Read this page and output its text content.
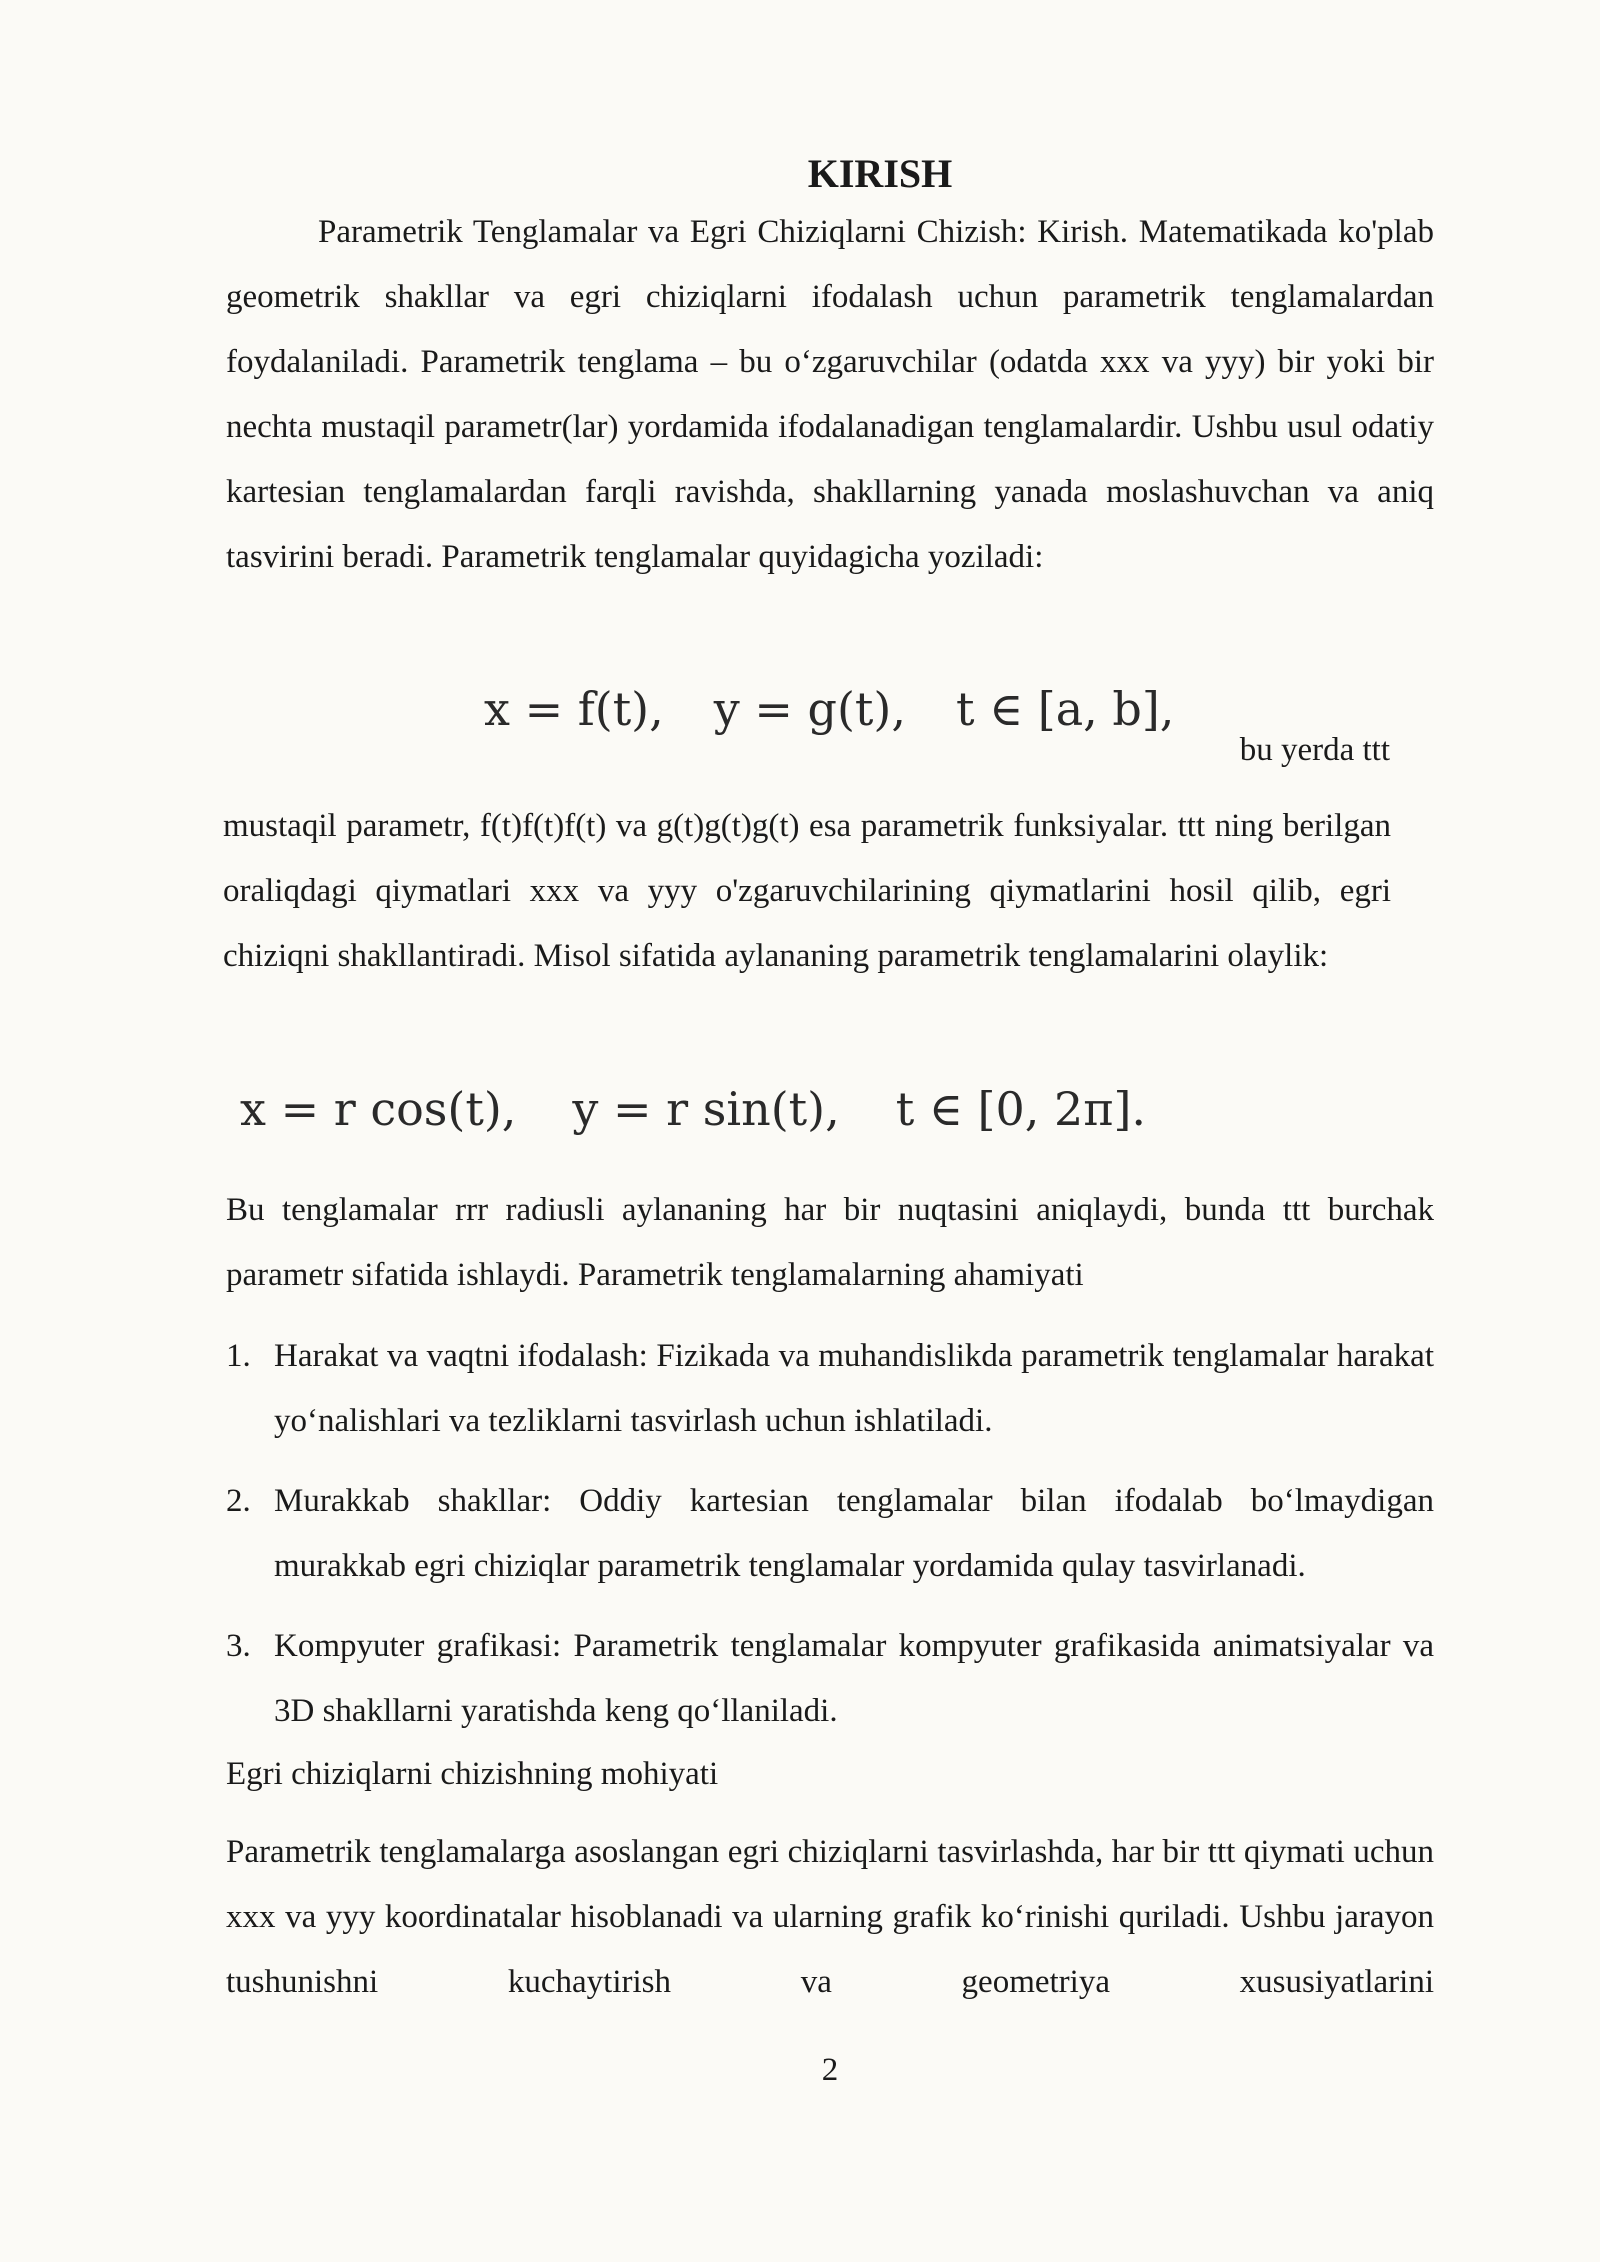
KIRISH
Parametrik Tenglamalar va Egri Chiziqlarni Chizish: Kirish. Matematikada ko'plab geometrik shakllar va egri chiziqlarni ifodalash uchun parametrik tenglamalardan foydalaniladi. Parametrik tenglama – bu o‘zgaruvchilar (odatda xxx va yyy) bir yoki bir nechta mustaqil parametr(lar) yordamida ifodalanadigan tenglamalardir. Ushbu usul odatiy kartesian tenglamalardan farqli ravishda, shakllarning yanada moslashuvchan va aniq tasvirini beradi. Parametrik tenglamalar quyidagicha yoziladi:
x = f(t), y = g(t), t ∈ [a, b],
bu yerda ttt
mustaqil parametr, f(t)f(t)f(t) va g(t)g(t)g(t) esa parametrik funksiyalar. ttt ning berilgan oraliqdagi qiymatlari xxx va yyy o'zgaruvchilarining qiymatlarini hosil qilib, egri chiziqni shakllantiradi. Misol sifatida aylananing parametrik tenglamalarini olaylik:
x = r cos(t), y = r sin(t), t ∈ [0, 2π].
Bu tenglamalar rrr radiusli aylananing har bir nuqtasini aniqlaydi, bunda ttt burchak parametr sifatida ishlaydi. Parametrik tenglamalarning ahamiyati
1. Harakat va vaqtni ifodalash: Fizikada va muhandislikda parametrik tenglamalar harakat yo‘nalishlari va tezliklarni tasvirlash uchun ishlatiladi.
2. Murakkab shakllar: Oddiy kartesian tenglamalar bilan ifodalab bo‘lmaydigan murakkab egri chiziqlar parametrik tenglamalar yordamida qulay tasvirlanadi.
3. Kompyuter grafikasi: Parametrik tenglamalar kompyuter grafikasida animatsiyalar va 3D shakllarni yaratishda keng qo‘llaniladi.
Egri chiziqlarni chizishning mohiyati
Parametrik tenglamalarga asoslangan egri chiziqlarni tasvirlashda, har bir ttt qiymati uchun xxx va yyy koordinatalar hisoblanadi va ularning grafik ko‘rinishi quriladi. Ushbu jarayon tushunishni kuchaytirish va geometriya xususiyatlarini
2
